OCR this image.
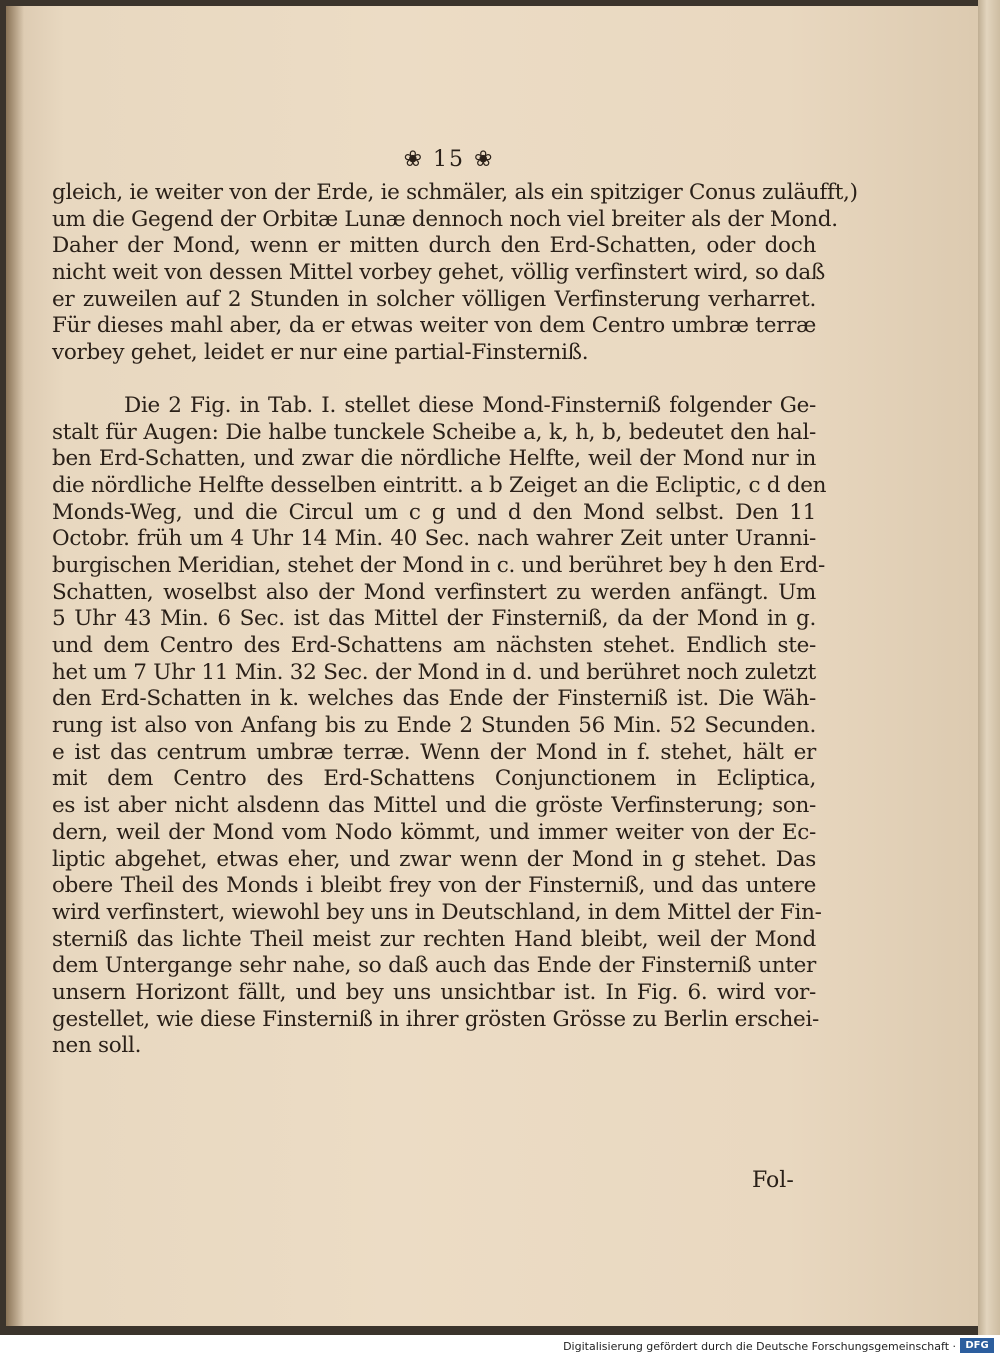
❀ 15 ❀
gleich, ie weiter von der Erde, ie schmäler, als ein spitziger Conus zuläufft,)
um die Gegend der Orbitæ Lunæ dennoch noch viel breiter als der Mond.
Daher der Mond, wenn er mitten durch den Erd-Schatten, oder doch
nicht weit von dessen Mittel vorbey gehet, völlig verfinstert wird, so daß
er zuweilen auf 2 Stunden in solcher völligen Verfinsterung verharret.
Für dieses mahl aber, da er etwas weiter von dem Centro umbræ terræ
vorbey gehet, leidet er nur eine partial-Finsterniß.
Die 2 Fig. in Tab. I. stellet diese Mond-Finsterniß folgender Ge-
stalt für Augen: Die halbe tunckele Scheibe a, k, h, b, bedeutet den hal-
ben Erd-Schatten, und zwar die nördliche Helfte, weil der Mond nur in
die nördliche Helfte desselben eintritt. a b Zeiget an die Ecliptic, c d den
Monds-Weg, und die Circul um c g und d den Mond selbst. Den 11
Octobr. früh um 4 Uhr 14 Min. 40 Sec. nach wahrer Zeit unter Uranni-
burgischen Meridian, stehet der Mond in c. und berühret bey h den Erd-
Schatten, woselbst also der Mond verfinstert zu werden anfängt. Um
5 Uhr 43 Min. 6 Sec. ist das Mittel der Finsterniß, da der Mond in g.
und dem Centro des Erd-Schattens am nächsten stehet. Endlich ste-
het um 7 Uhr 11 Min. 32 Sec. der Mond in d. und berühret noch zuletzt
den Erd-Schatten in k. welches das Ende der Finsterniß ist. Die Wäh-
rung ist also von Anfang bis zu Ende 2 Stunden 56 Min. 52 Secunden.
e ist das centrum umbræ terræ. Wenn der Mond in f. stehet, hält er
mit dem Centro des Erd-Schattens Conjunctionem in Ecliptica,
es ist aber nicht alsdenn das Mittel und die gröste Verfinsterung; son-
dern, weil der Mond vom Nodo kömmt, und immer weiter von der Ec-
liptic abgehet, etwas eher, und zwar wenn der Mond in g stehet. Das
obere Theil des Monds i bleibt frey von der Finsterniß, und das untere
wird verfinstert, wiewohl bey uns in Deutschland, in dem Mittel der Fin-
sterniß das lichte Theil meist zur rechten Hand bleibt, weil der Mond
dem Untergange sehr nahe, so daß auch das Ende der Finsterniß unter
unsern Horizont fällt, und bey uns unsichtbar ist. In Fig. 6. wird vor-
gestellet, wie diese Finsterniß in ihrer grösten Grösse zu Berlin erschei-
nen soll.
Fol-
Digitalisierung gefördert durch die Deutsche Forschungsgemeinschaft · DFG
